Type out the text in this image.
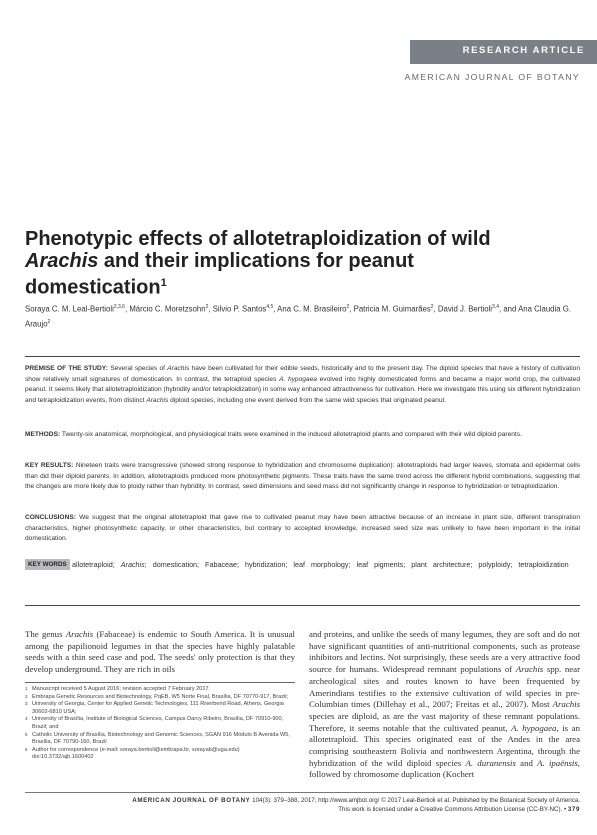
RESEARCH ARTICLE
AMERICAN JOURNAL OF BOTANY
Phenotypic effects of allotetraploidization of wild Arachis and their implications for peanut domestication$^1$
Soraya C. M. Leal-Bertioli$^{2,3,6}$, Márcio C. Moretzsohn$^2$, Silvio P. Santos$^{4,5}$, Ana C. M. Brasileiro$^2$, Patricia M. Guimarães$^2$, David J. Bertioli$^{3,4}$, and Ana Claudia G. Araujo$^2$

PREMISE OF THE STUDY: Several species of Arachis have been cultivated for their edible seeds, historically and to the present day. The diploid species that have a history of cultivation show relatively small signatures of domestication. In contrast, the tetraploid species A. hypogaea evolved into highly domesticated forms and became a major world crop, the cultivated peanut. It seems likely that allotetraploidization (hybridity and/or tetraploidization) in some way enhanced attractiveness for cultivation. Here we investigate this using six different hybridization and tetraploidization events, from distinct Arachis diploid species, including one event derived from the same wild species that originated peanut.

METHODS: Twenty-six anatomical, morphological, and physiological traits were examined in the induced allotetraploid plants and compared with their wild diploid parents.

KEY RESULTS: Nineteen traits were transgressive (showed strong response to hybridization and chromosome duplication): allotetraploids had larger leaves, stomata and epidermal cells than did their diploid parents. In addition, allotetraploids produced more photosynthetic pigments. These traits have the same trend across the different hybrid combinations, suggesting that the changes are more likely due to ploidy rather than hybridity. In contrast, seed dimensions and seed mass did not significantly change in response to hybridization or tetraploidization.

CONCLUSIONS: We suggest that the original allotetraploid that gave rise to cultivated peanut may have been attractive because of an increase in plant size, different transpiration characteristics, higher photosynthetic capacity, or other characteristics, but contrary to accepted knowledge, increased seed size was unlikely to have been important in the initial domestication.

KEY WORDS allotetraploid; Arachis; domestication; Fabaceae; hybridization; leaf morphology; leaf pigments; plant architecture; polyploidy; tetraploidization

The genus Arachis (Fabaceae) is endemic to South America. It is unusual among the papilionoid legumes in that the species have highly palatable seeds with a thin seed case and pod. The seeds' only protection is that they develop underground. They are rich in oils

and proteins, and unlike the seeds of many legumes, they are soft and do not have significant quantities of anti-nutritional components, such as protease inhibitors and lectins. Not surprisingly, these seeds are a very attractive food source for humans. Widespread remnant populations of Arachis spp. near archeological sites and routes known to have been frequented by Amerindians testifies to the extensive cultivation of wild species in pre-Columbian times (Dillehay et al., 2007; Freitas et al., 2007). Most Arachis species are diploid, as are the vast majority of these remnant populations. Therefore, it seems notable that the cultivated peanut, A. hypogaea, is an allotetraploid. This species originated east of the Andes in the area comprising southeastern Bolivia and northwestern Argentina, through the hybridization of the wild diploid species A. duranensis and A. ipaënsis, followed by chromosome duplication (Kochert

1 Manuscript received 5 August 2016; revision accepted 7 February 2017.
2 Embrapa Genetic Resources and Biotechnology, PqEB, W5 Norte Final, Brasília, DF 70770-917, Brazil;
3 University of Georgia, Center for Applied Genetic Technologies, 111 Riverbend Road, Athens, Georgia 30602-6810 USA;
4 University of Brasília, Institute of Biological Sciences, Campus Darcy Ribeiro, Brasília, DF 70910-900, Brazil; and
5 Catholic University of Brasília, Biotechnology and Genomic Sciences, SGAN 916 Módulo B Avenida W5, Brasília, DF 70790-160, Brazil
6 Author for correspondence (e-mail: soraya.bertioli@embrapa.br, sorayab@uga.edu)
doi:10.3732/ajb.1600402
AMERICAN JOURNAL OF BOTANY 104(3): 379–388, 2017; http://www.amjbot.org/ © 2017 Leal-Bertioli et al. Published by the Botanical Society of America.
This work is licensed under a Creative Commons Attribution License (CC-BY-NC). • 379
